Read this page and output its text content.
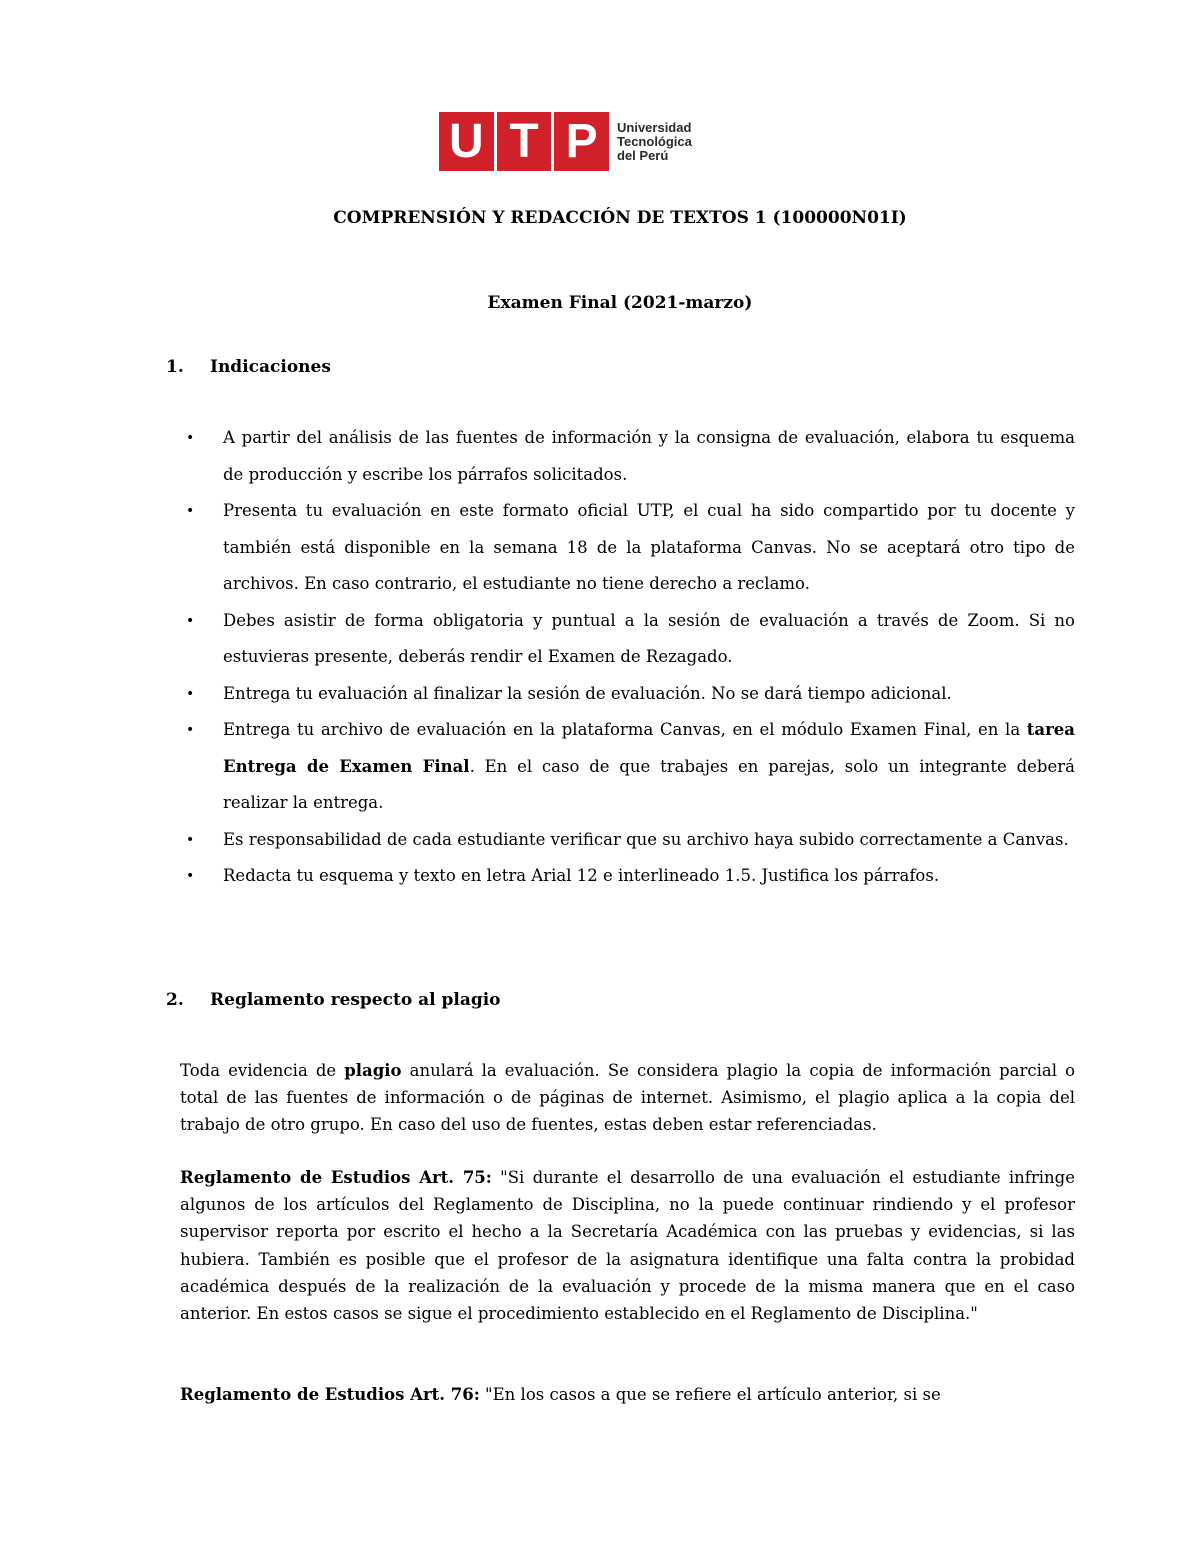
U T P	Universidad
Tecnológica
del Perú
COMPRENSIÓN Y REDACCIÓN DE TEXTOS 1 (100000N01I)
Examen Final (2021-marzo)
1. Indicaciones
• A partir del análisis de las fuentes de información y la consigna de evaluación, elabora tu esquema de producción y escribe los párrafos solicitados.
• Presenta tu evaluación en este formato oficial UTP, el cual ha sido compartido por tu docente y también está disponible en la semana 18 de la plataforma Canvas. No se aceptará otro tipo de archivos. En caso contrario, el estudiante no tiene derecho a reclamo.
• Debes asistir de forma obligatoria y puntual a la sesión de evaluación a través de Zoom. Si no estuvieras presente, deberás rendir el Examen de Rezagado.
• Entrega tu evaluación al finalizar la sesión de evaluación. No se dará tiempo adicional.
• Entrega tu archivo de evaluación en la plataforma Canvas, en el módulo Examen Final, en la tarea Entrega de Examen Final. En el caso de que trabajes en parejas, solo un integrante deberá realizar la entrega.
• Es responsabilidad de cada estudiante verificar que su archivo haya subido correctamente a Canvas.
• Redacta tu esquema y texto en letra Arial 12 e interlineado 1.5. Justifica los párrafos.
2. Reglamento respecto al plagio
Toda evidencia de plagio anulará la evaluación. Se considera plagio la copia de información parcial o total de las fuentes de información o de páginas de internet. Asimismo, el plagio aplica a la copia del trabajo de otro grupo. En caso del uso de fuentes, estas deben estar referenciadas.
Reglamento de Estudios Art. 75: "Si durante el desarrollo de una evaluación el estudiante infringe algunos de los artículos del Reglamento de Disciplina, no la puede continuar rindiendo y el profesor supervisor reporta por escrito el hecho a la Secretaría Académica con las pruebas y evidencias, si las hubiera. También es posible que el profesor de la asignatura identifique una falta contra la probidad académica después de la realización de la evaluación y procede de la misma manera que en el caso anterior. En estos casos se sigue el procedimiento establecido en el Reglamento de Disciplina."
Reglamento de Estudios Art. 76: "En los casos a que se refiere el artículo anterior, si se
